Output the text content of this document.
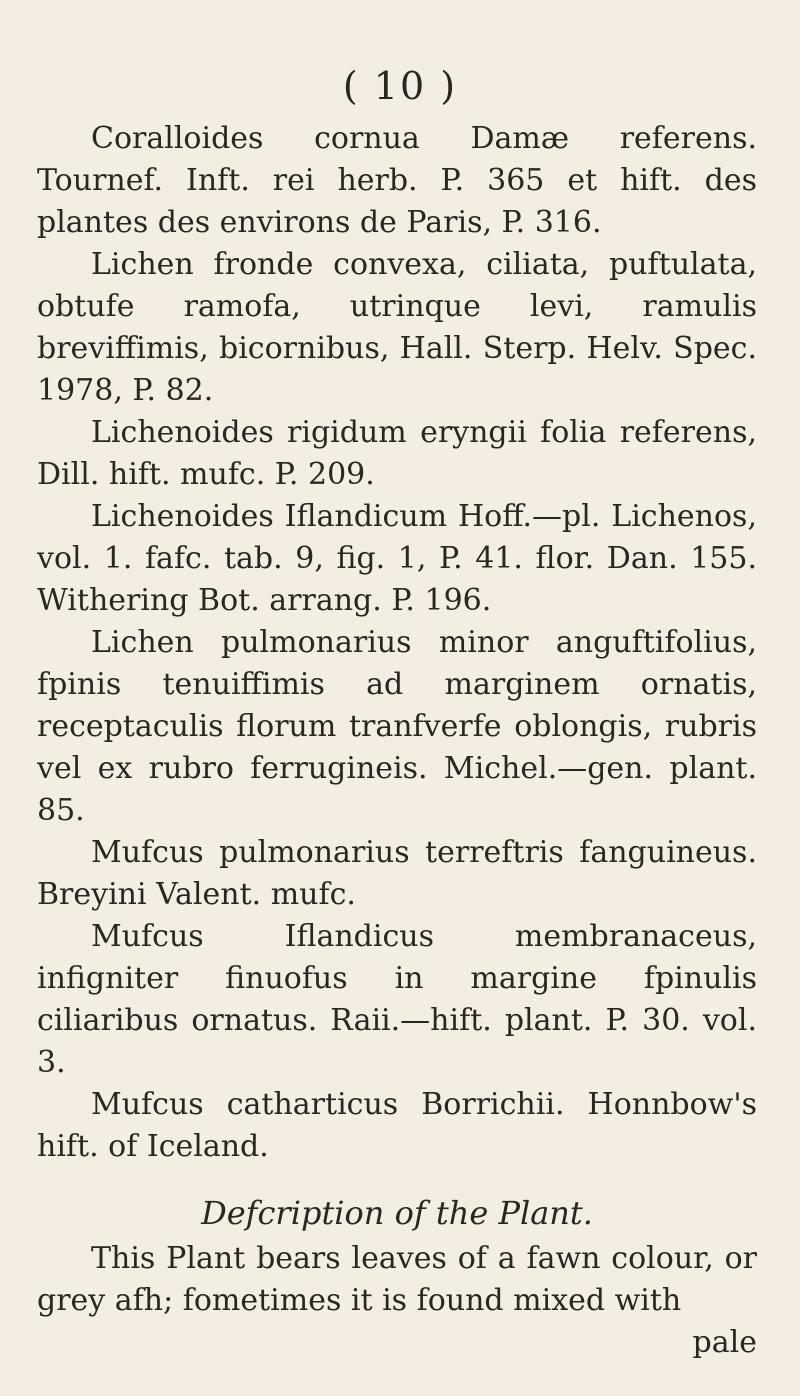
( 10 )

Coralloides cornua Damæ referens. Tournef. Inft. rei herb. P. 365 et hift. des plantes des environs de Paris, P. 316.

Lichen fronde convexa, ciliata, puftulata, obtufe ramofa, utrinque levi, ramulis breviffimis, bicornibus, Hall. Sterp. Helv. Spec. 1978, P. 82.

Lichenoides rigidum eryngii folia referens, Dill. hift. mufc. P. 209.

Lichenoides Iflandicum Hoff.—pl. Lichenos, vol. 1. fafc. tab. 9, fig. 1, P. 41. flor. Dan. 155. Withering Bot. arrang. P. 196.

Lichen pulmonarius minor anguftifolius, fpinis tenuiffimis ad marginem ornatis, receptaculis florum tranfverfe oblongis, rubris vel ex rubro ferrugineis. Michel.—gen. plant. 85.

Mufcus pulmonarius terreftris fanguineus. Breyini Valent. mufc.

Mufcus Iflandicus membranaceus, infigniter finuofus in margine fpinulis ciliaribus ornatus. Raii.—hift. plant. P. 30. vol. 3.

Mufcus catharticus Borrichii. Honnbow's hift. of Iceland.

Defcription of the Plant.

This Plant bears leaves of a fawn colour, or grey afh; fometimes it is found mixed with

pale
